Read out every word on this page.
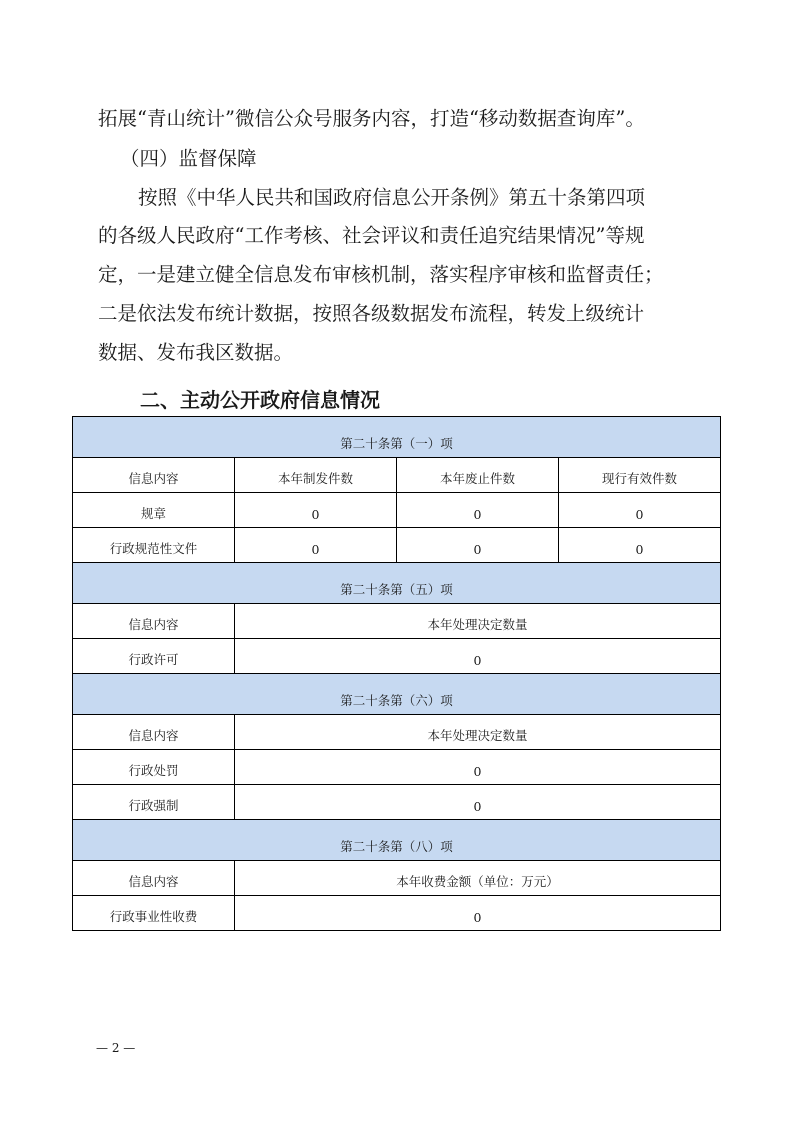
拓展“青山统计”微信公众号服务内容，打造“移动数据查询库”。

（四）监督保障

按照《中华人民共和国政府信息公开条例》第五十条第四项

的各级人民政府“工作考核、社会评议和责任追究结果情况”等规

定，一是建立健全信息发布审核机制，落实程序审核和监督责任；

二是依法发布统计数据，按照各级数据发布流程，转发上级统计

数据、发布我区数据。

二、主动公开政府信息情况
第二十条第（一）项			
信息内容	本年制发件数	本年废止件数	现行有效件数
规章	0	0	0
行政规范性文件	0	0	0
第二十条第（五）项			
信息内容	本年处理决定数量		
行政许可	0		
第二十条第（六）项			
信息内容	本年处理决定数量		
行政处罚	0		
行政强制	0		
第二十条第（八）项			
信息内容	本年收费金额（单位：万元）		
行政事业性收费	0		
— 2 —
